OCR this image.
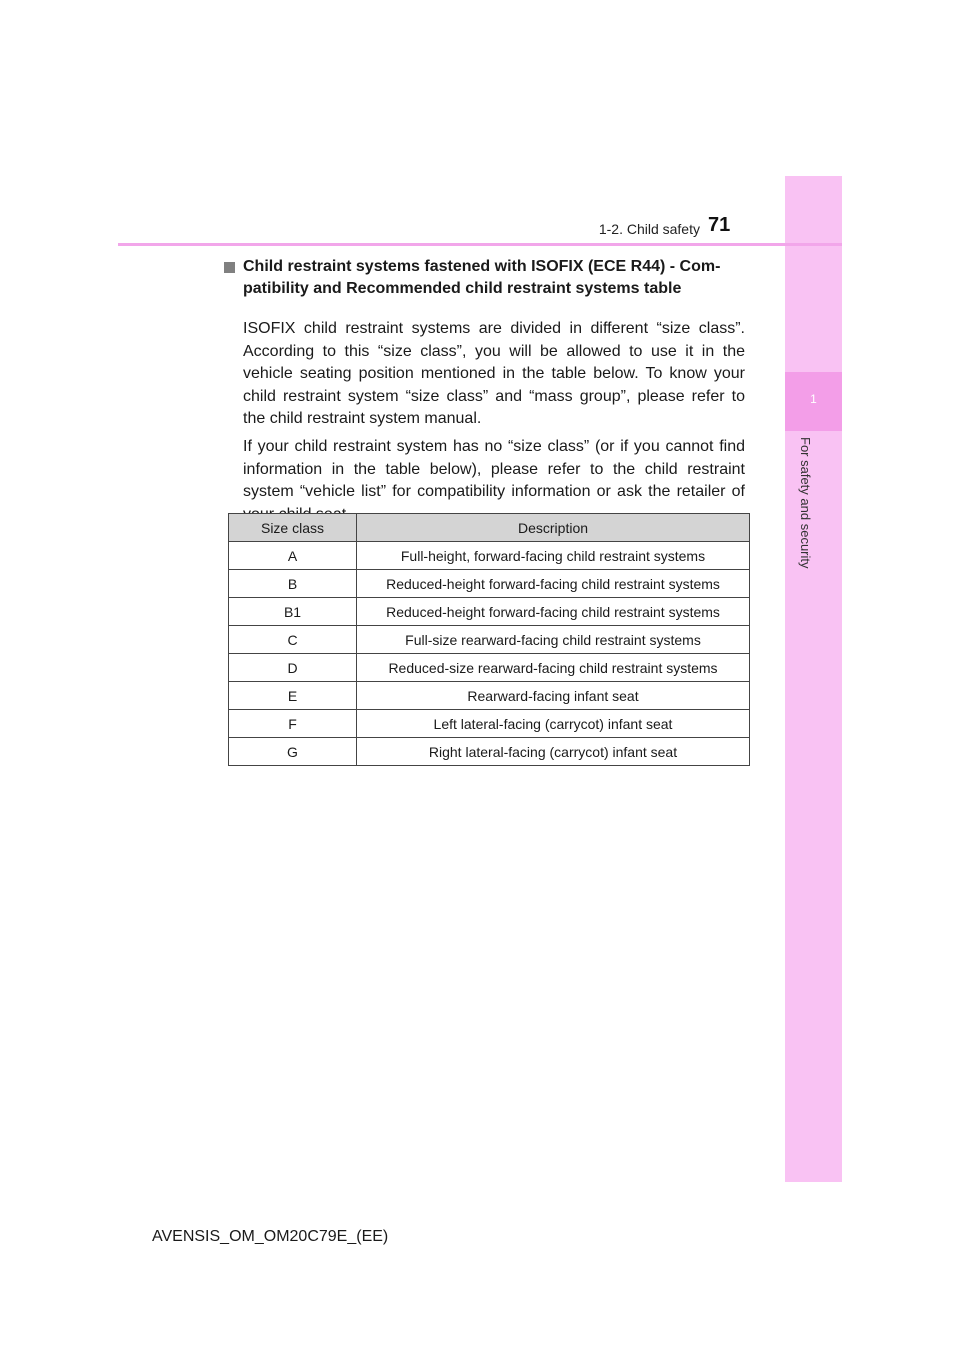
1
For safety and security
1-2. Child safety 71
Child restraint systems fastened with ISOFIX (ECE R44) - Com-patibility and Recommended child restraint systems table
ISOFIX child restraint systems are divided in different “size class”. According to this “size class”, you will be allowed to use it in the vehicle seating position mentioned in the table below. To know your child restraint system “size class” and “mass group”, please refer to the child restraint system manual.
If your child restraint system has no “size class” (or if you cannot find information in the table below), please refer to the child restraint system “vehicle list” for compatibility information or ask the retailer of
Size class	Description
A	Full-height, forward-facing child restraint systems
B	Reduced-height forward-facing child restraint systems
B1	Reduced-height forward-facing child restraint systems
C	Full-size rearward-facing child restraint systems
D	Reduced-size rearward-facing child restraint systems
E	Rearward-facing infant seat
F	Left lateral-facing (carrycot) infant seat
G	Right lateral-facing (carrycot) infant seat
AVENSIS_OM_OM20C79E_(EE)
